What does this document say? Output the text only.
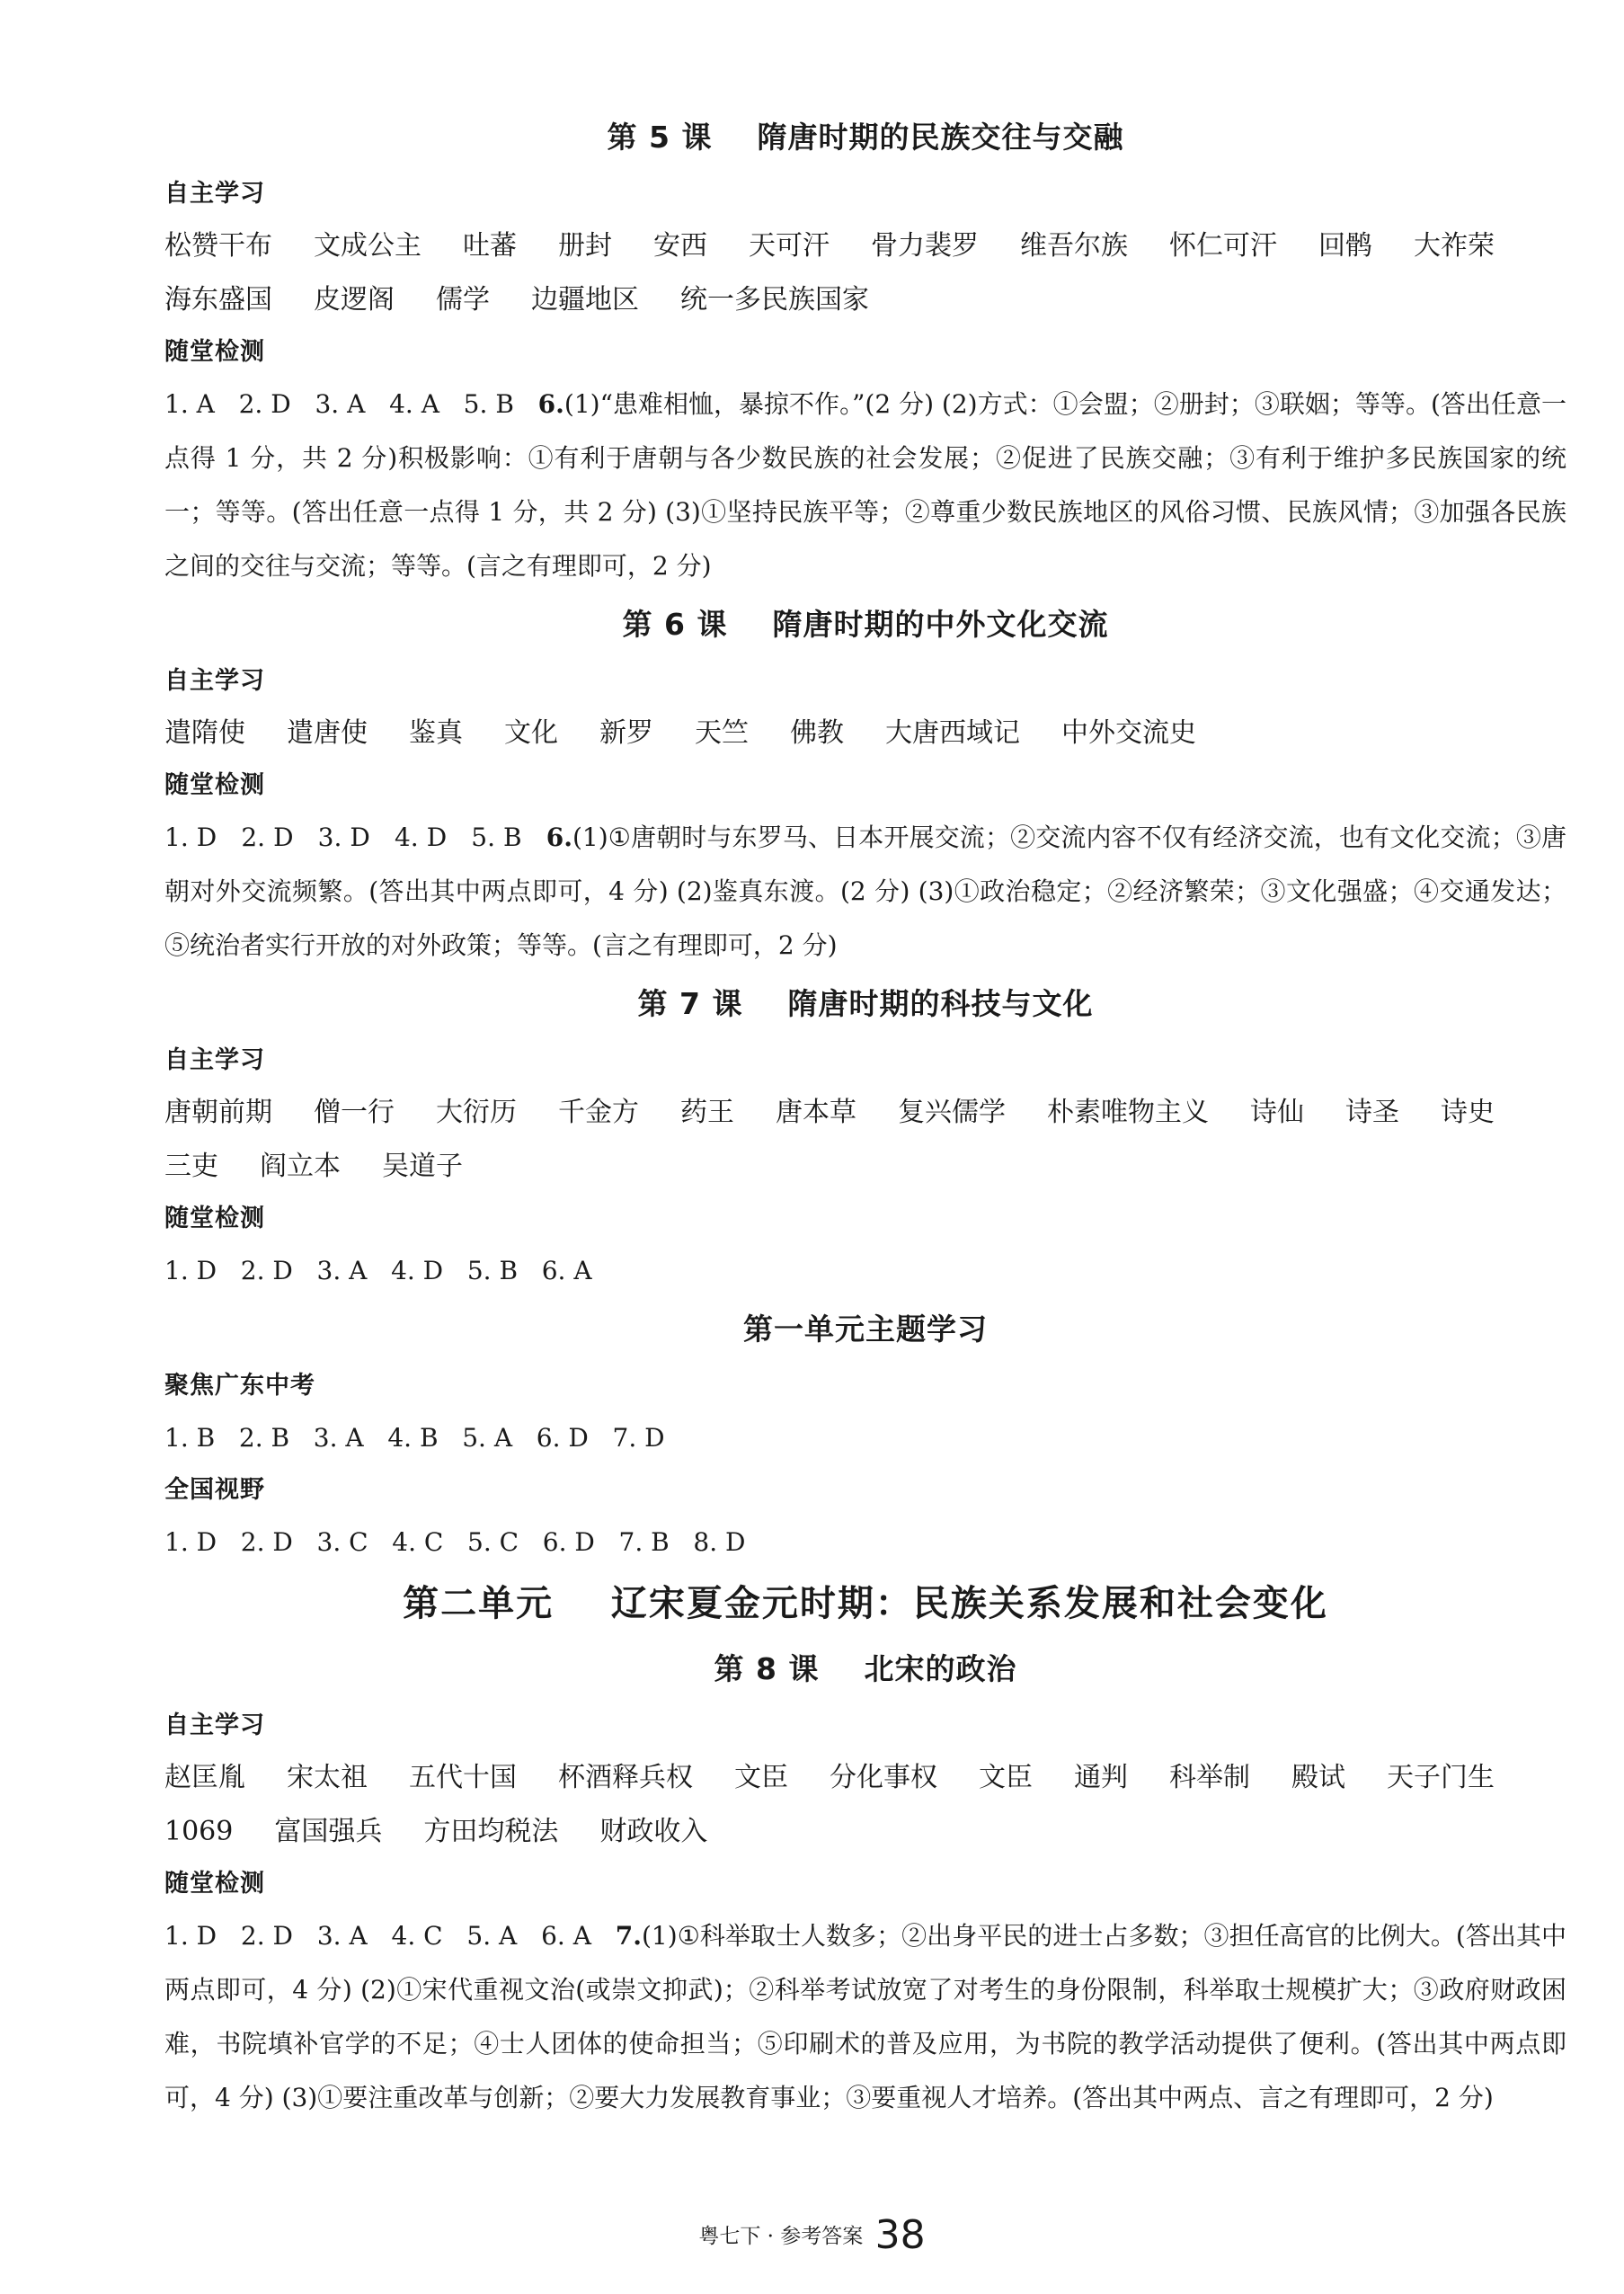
第 5 课    隋唐时期的民族交往与交融
自主学习
松赞干布 文成公主 吐蕃 册封 安西 天可汗 骨力裴罗 维吾尔族 怀仁可汗 回鹘 大祚荣海东盛国 皮逻阁 儒学 边疆地区 统一多民族国家
随堂检测
1. A   2. D   3. A   4. A   5. B   6.(1)“患难相恤，暴掠不作。”(2 分) (2)方式：①会盟；②册封；③联姻；等等。(答出任意一点得 1 分，共 2 分)积极影响：①有利于唐朝与各少数民族的社会发展；②促进了民族交融；③有利于维护多民族国家的统一；等等。(答出任意一点得 1 分，共 2 分) (3)①坚持民族平等；②尊重少数民族地区的风俗习惯、民族风情；③加强各民族之间的交往与交流；等等。(言之有理即可，2 分)
第 6 课    隋唐时期的中外文化交流
自主学习
遣隋使 遣唐使 鉴真 文化 新罗 天竺 佛教 大唐西域记 中外交流史
随堂检测
1. D   2. D   3. D   4. D   5. B   6.(1)①唐朝时与东罗马、日本开展交流；②交流内容不仅有经济交流，也有文化交流；③唐朝对外交流频繁。(答出其中两点即可，4 分) (2)鉴真东渡。(2 分) (3)①政治稳定；②经济繁荣；③文化强盛；④交通发达；⑤统治者实行开放的对外政策；等等。(言之有理即可，2 分)
第 7 课    隋唐时期的科技与文化
自主学习
唐朝前期 僧一行 大衍历 千金方 药王 唐本草 复兴儒学 朴素唯物主义 诗仙 诗圣 诗史三吏 阎立本 吴道子
随堂检测
1. D   2. D   3. A   4. D   5. B   6. A
第一单元主题学习
聚焦广东中考
1. B   2. B   3. A   4. B   5. A   6. D   7. D
全国视野
1. D   2. D   3. C   4. C   5. C   6. D   7. B   8. D
第二单元    辽宋夏金元时期：民族关系发展和社会变化
第 8 课    北宋的政治
自主学习
赵匡胤 宋太祖 五代十国 杯酒释兵权 文臣 分化事权 文臣 通判 科举制 殿试 天子门生1069 富国强兵 方田均税法 财政收入
随堂检测
1. D   2. D   3. A   4. C   5. A   6. A   7.(1)①科举取士人数多；②出身平民的进士占多数；③担任高官的比例大。(答出其中两点即可，4 分) (2)①宋代重视文治(或崇文抑武)；②科举考试放宽了对考生的身份限制，科举取士规模扩大；③政府财政困难，书院填补官学的不足；④士人团体的使命担当；⑤印刷术的普及应用，为书院的教学活动提供了便利。(答出其中两点即可，4 分) (3)①要注重改革与创新；②要大力发展教育事业；③要重视人才培养。(答出其中两点、言之有理即可，2 分)
粤七下 · 参考答案 38
